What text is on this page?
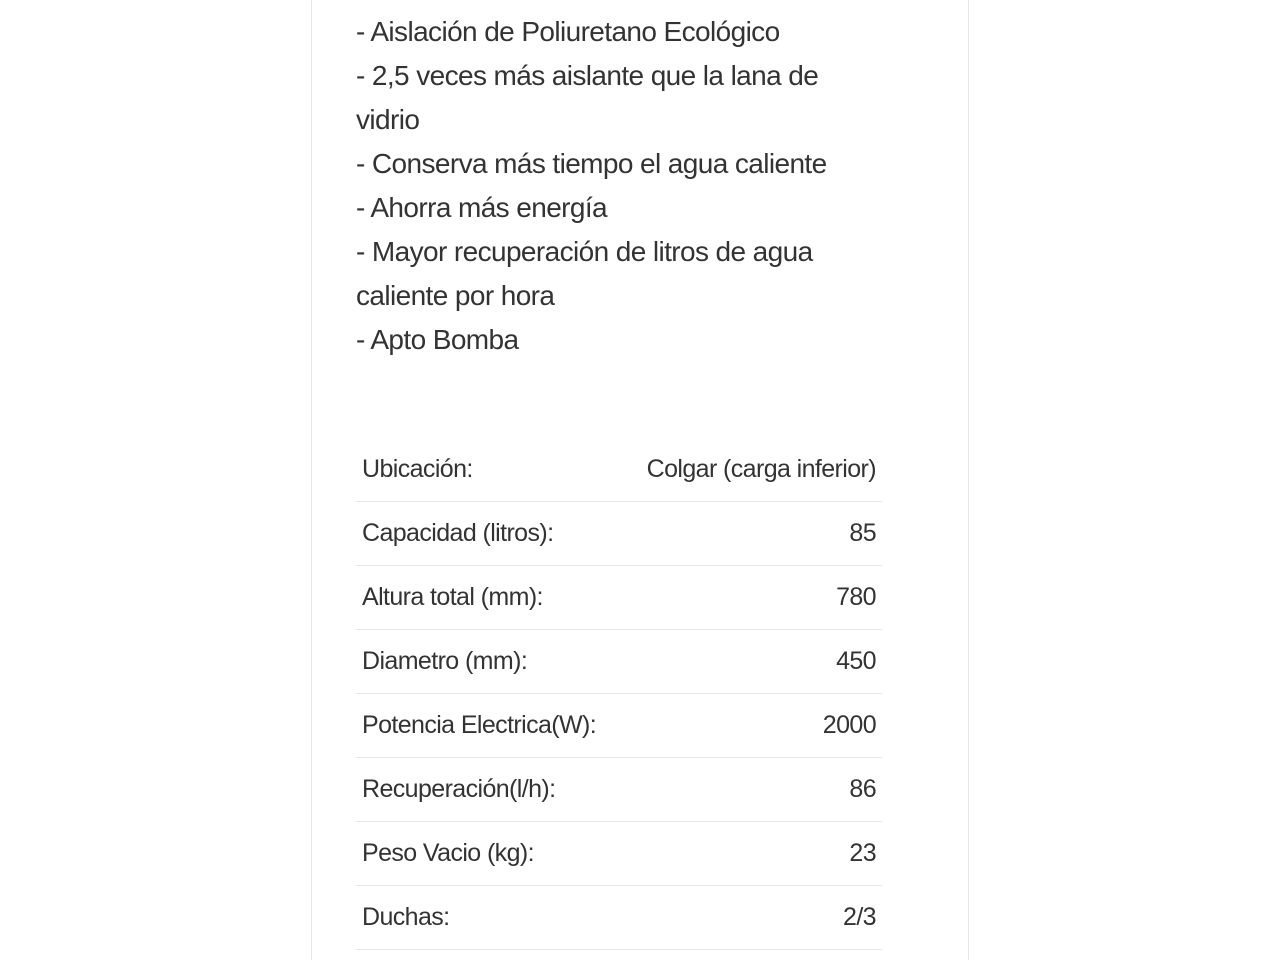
- Aislación de Poliuretano Ecológico
- 2,5 veces más aislante que la lana de
vidrio
- Conserva más tiempo el agua caliente
- Ahorra más energía
- Mayor recuperación de litros de agua
caliente por hora
- Apto Bomba
Ubicación:	Colgar (carga inferior)
Capacidad (litros):	85
Altura total (mm):	780
Diametro (mm):	450
Potencia Electrica(W):	2000
Recuperación(l/h):	86
Peso Vacio (kg):	23
Duchas:	2/3
